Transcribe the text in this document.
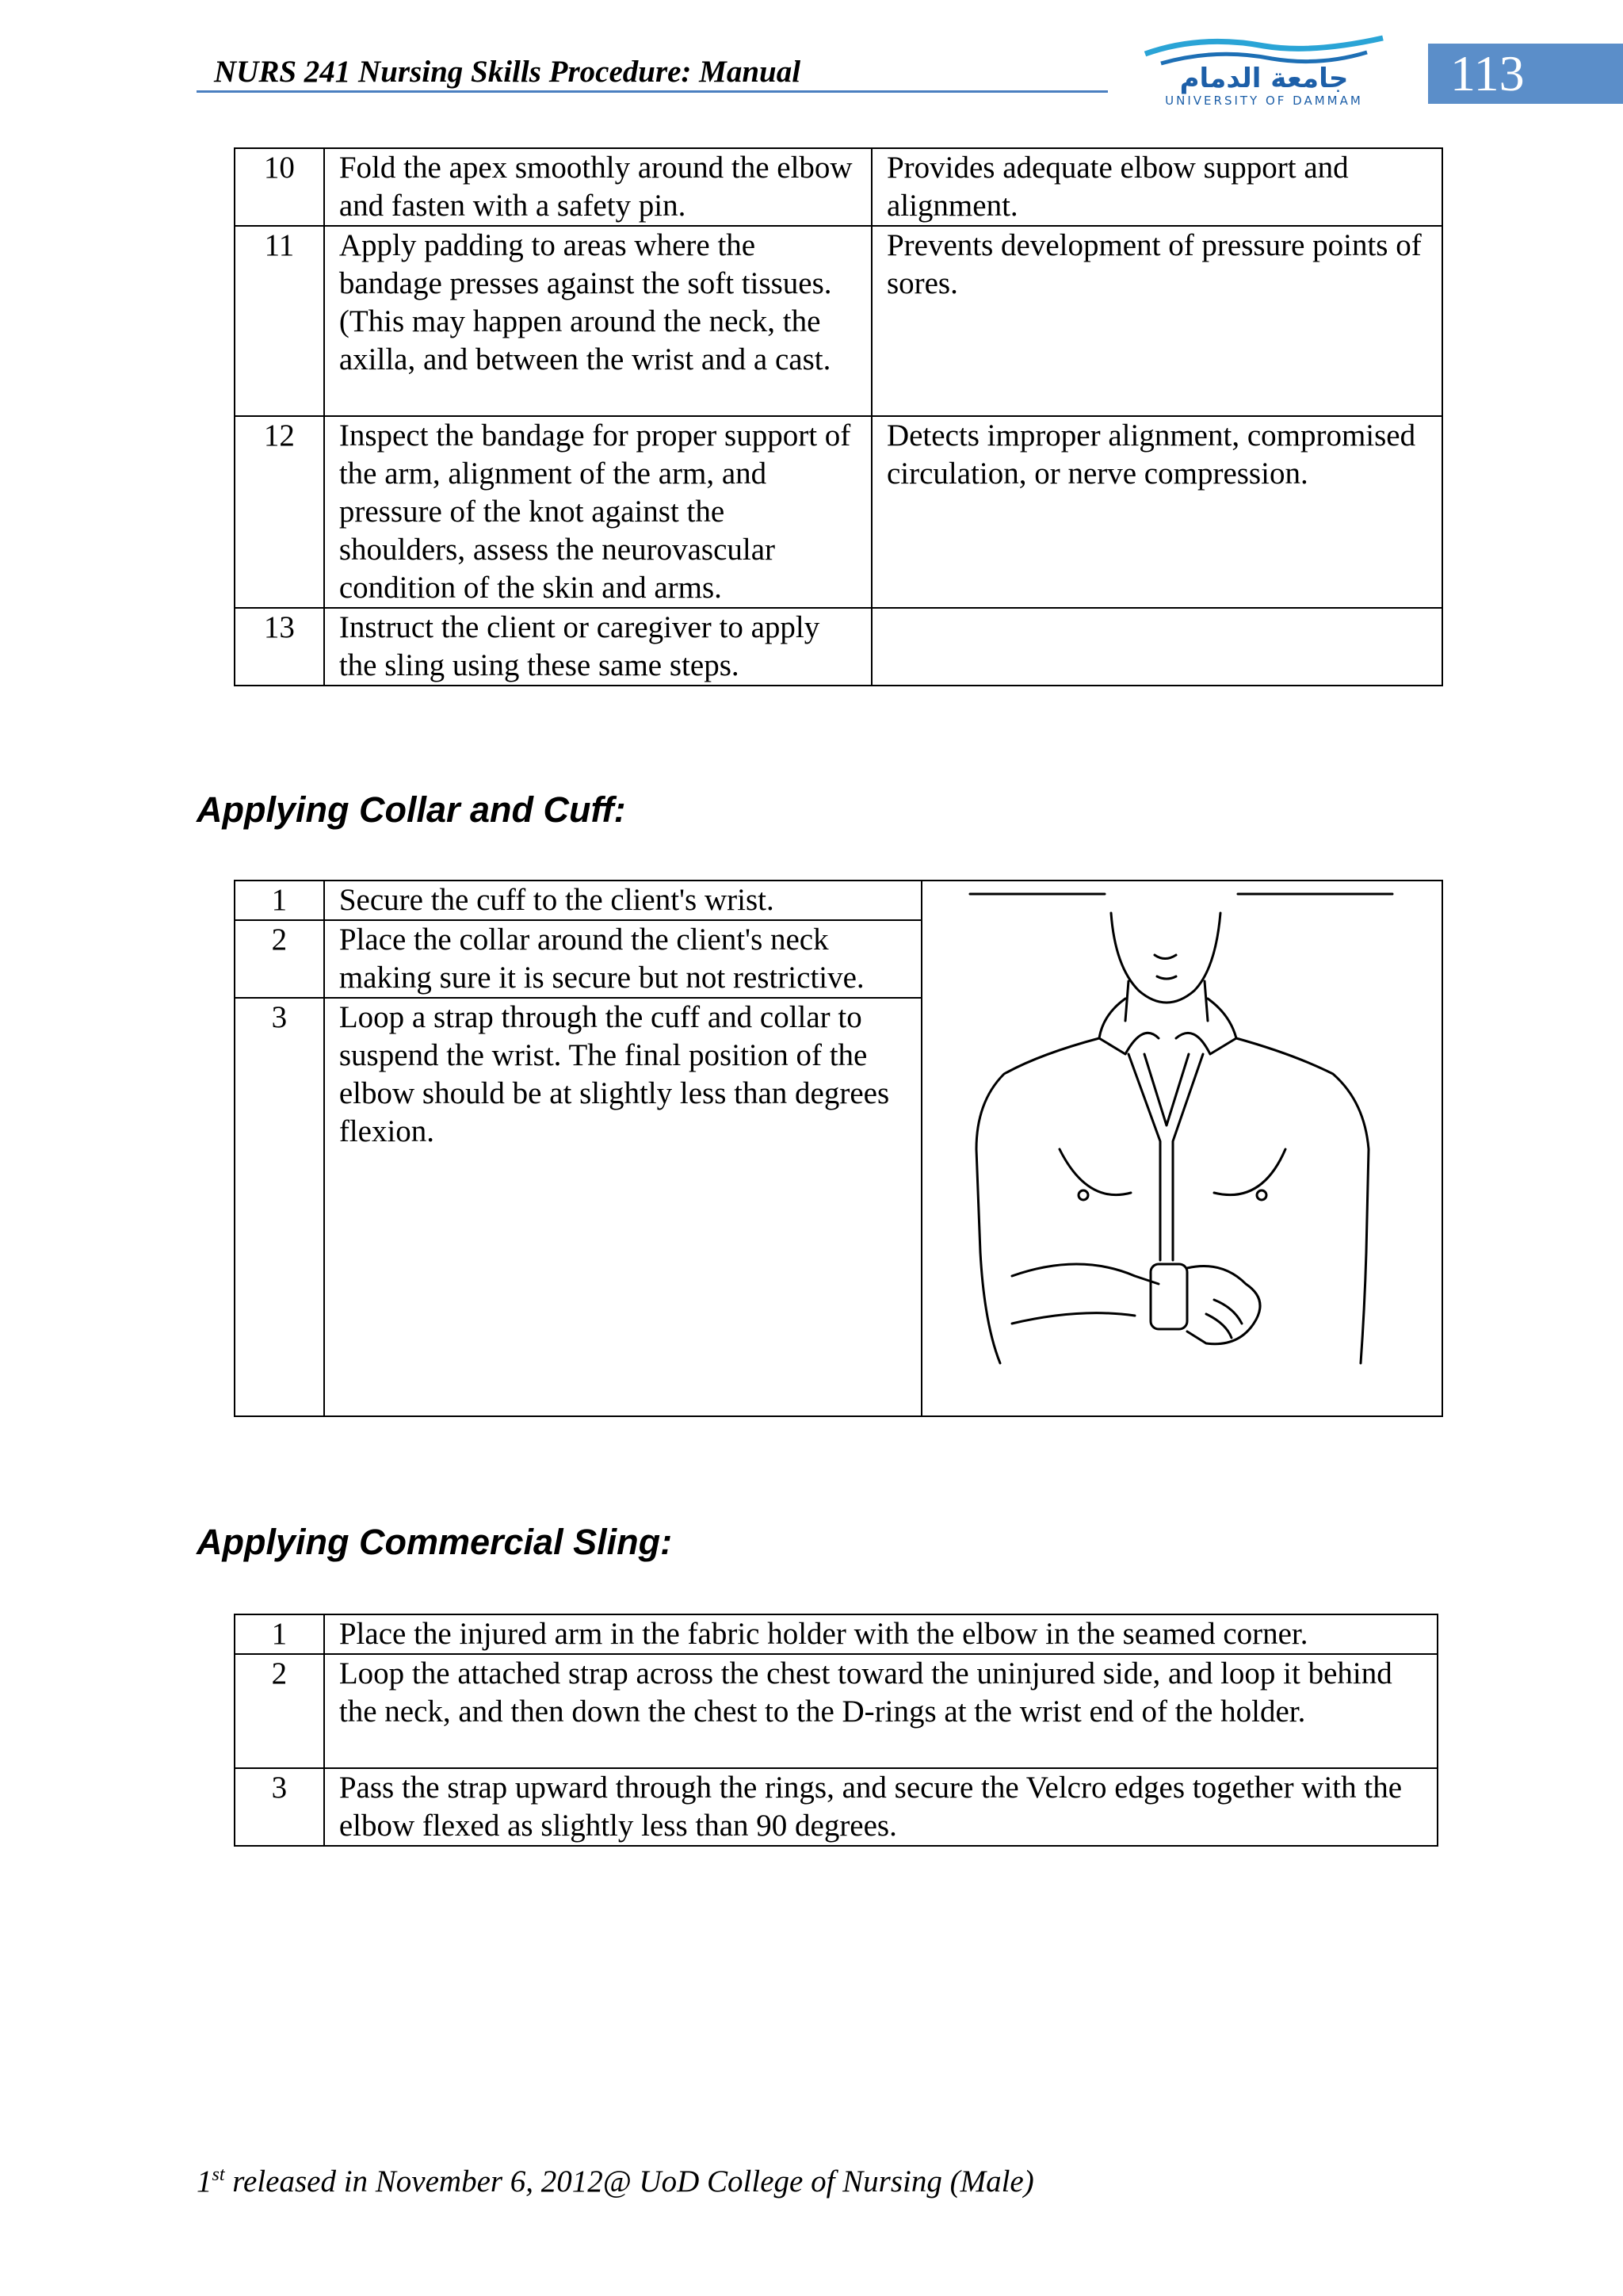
NURS 241 Nursing Skills Procedure: Manual	جامعة الدمام
UNIVERSITY OF DAMMAM	113
10	Fold the apex smoothly around the elbow and fasten with a safety pin.	Provides adequate elbow support and alignment.
11	Apply padding to areas where the bandage presses against the soft tissues. (This may happen around the neck, the axilla, and between the wrist and a cast.	Prevents development of pressure points of sores.
12	Inspect the bandage for proper support of the arm, alignment of the arm, and pressure of the knot against the shoulders, assess the neurovascular condition of the skin and arms.	Detects improper alignment, compromised circulation, or nerve compression.
13	Instruct the client or caregiver to apply the sling using these same steps.	
Applying Collar and Cuff:
1	Secure the cuff to the client's wrist.	
2	Place the collar around the client's neck making sure it is secure but not restrictive.	
3	Loop a strap through the cuff and collar to suspend the wrist. The final position of the elbow should be at slightly less than degrees flexion.	
Applying Commercial Sling:
1	Place the injured arm in the fabric holder with the elbow in the seamed corner.
2	Loop the attached strap across the chest toward the uninjured side, and loop it behind the neck, and then down the chest to the D-rings at the wrist end of the holder.
3	Pass the strap upward through the rings, and secure the Velcro edges together with the elbow flexed as slightly less than 90 degrees.
1st released in November 6, 2012@ UoD College of Nursing (Male)
